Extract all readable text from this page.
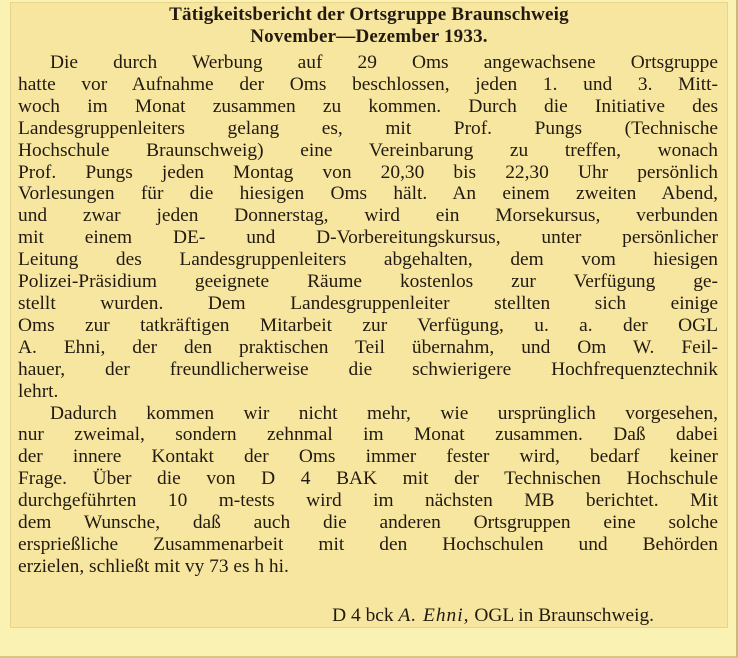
Tätigkeitsbericht der Ortsgruppe Braunschweig
November—Dezember 1933.
Die durch Werbung auf 29 Oms angewachsene Ortsgruppe
hatte vor Aufnahme der Oms beschlossen, jeden 1. und 3. Mitt-
woch im Monat zusammen zu kommen. Durch die Initiative des
Landesgruppenleiters gelang es, mit Prof. Pungs (Technische
Hochschule Braunschweig) eine Vereinbarung zu treffen, wonach
Prof. Pungs jeden Montag von 20,30 bis 22,30 Uhr persönlich
Vorlesungen für die hiesigen Oms hält. An einem zweiten Abend,
und zwar jeden Donnerstag, wird ein Morsekursus, verbunden
mit einem DE- und D-Vorbereitungskursus, unter persönlicher
Leitung des Landesgruppenleiters abgehalten, dem vom hiesigen
Polizei-Präsidium geeignete Räume kostenlos zur Verfügung ge-
stellt wurden. Dem Landesgruppenleiter stellten sich einige
Oms zur tatkräftigen Mitarbeit zur Verfügung, u. a. der OGL
A. Ehni, der den praktischen Teil übernahm, und Om W. Feil-
hauer, der freundlicherweise die schwierigere Hochfrequenztechnik
lehrt.
Dadurch kommen wir nicht mehr, wie ursprünglich vorgesehen,
nur zweimal, sondern zehnmal im Monat zusammen. Daß dabei
der innere Kontakt der Oms immer fester wird, bedarf keiner
Frage. Über die von D 4 BAK mit der Technischen Hochschule
durchgeführten 10 m-tests wird im nächsten MB berichtet. Mit
dem Wunsche, daß auch die anderen Ortsgruppen eine solche
ersprießliche Zusammenarbeit mit den Hochschulen und Behörden
erzielen, schließt mit vy 73 es h hi.
D 4 bck A. Ehni, OGL in Braunschweig.
